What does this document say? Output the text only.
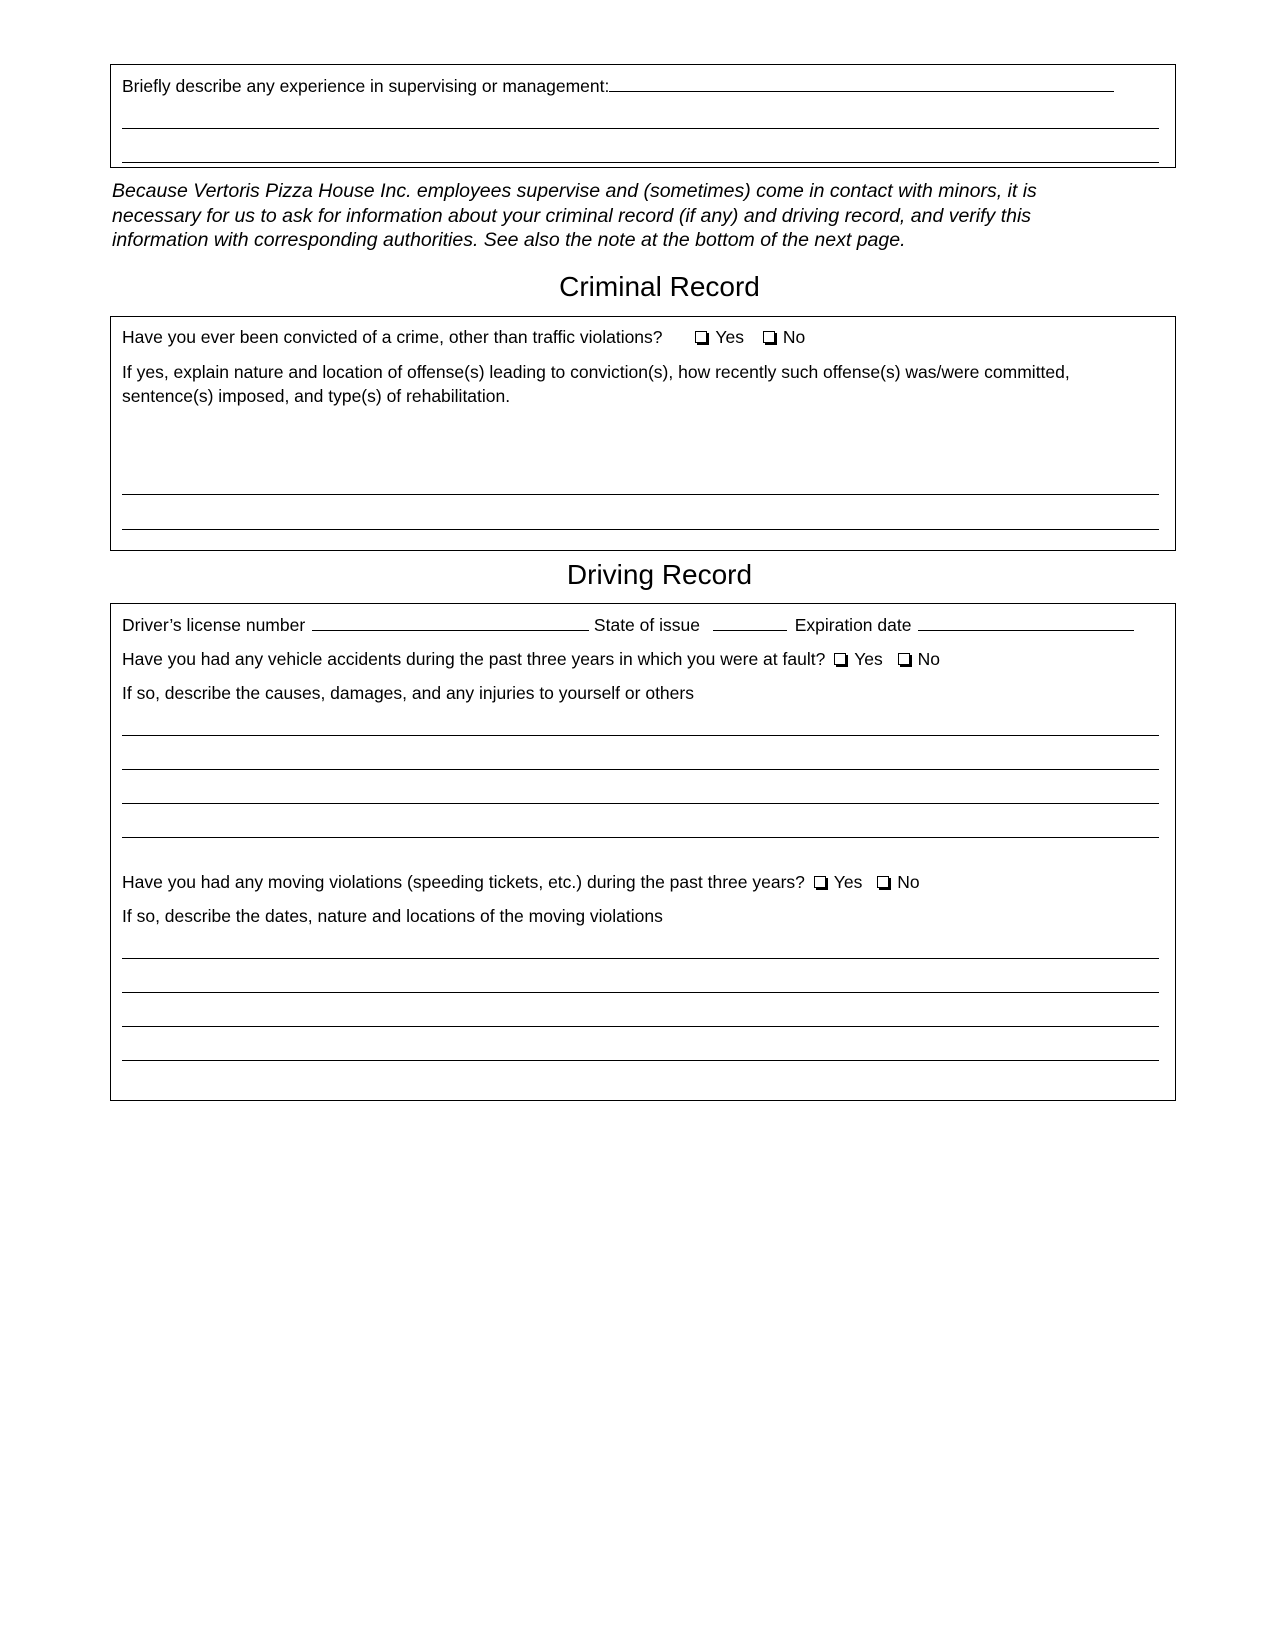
Briefly describe any experience in supervising or management:
Because Vertoris Pizza House Inc. employees supervise and (sometimes) come in contact with minors, it is necessary for us to ask for information about your criminal record (if any) and driving record, and verify this information with corresponding authorities. See also the note at the bottom of the next page.
Criminal Record
Have you ever been convicted of a crime, other than traffic violations?	Yes No
If yes, explain nature and location of offense(s) leading to conviction(s), how recently such offense(s) was/were committed, sentence(s) imposed, and type(s) of rehabilitation.
Driving Record
Driver’s license number	State of issue	Expiration date
Have you had any vehicle accidents during the past three years in which you were at fault? Yes No
If so, describe the causes, damages, and any injuries to yourself or others
Have you had any moving violations (speeding tickets, etc.) during the past three years? Yes No
If so, describe the dates, nature and locations of the moving violations
